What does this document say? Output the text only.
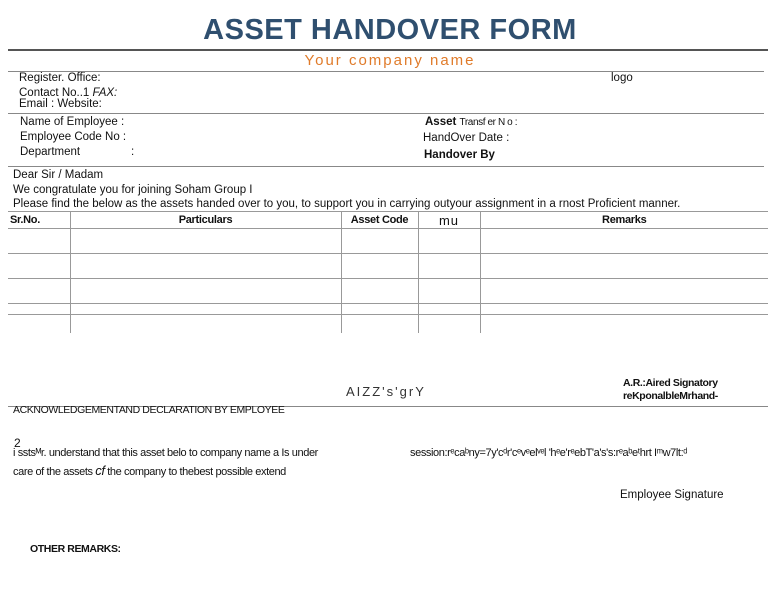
ASSET HANDOVER FORM
Your company name
Register. Office:	logo
Contact No..1 FAX:
Email : Website:
Name of Employee :
Employee Code No :
Department	:
Asset Transf er N o :
HandOver Date :
Handover By
Dear Sir / Madam
We congratulate you for joining Soham Group I
Please find the below as the assets handed over to you, to support you in carrying outyour assignment in a rnost Proficient manner.
Sr.No.	Particulars	Asset Code	mu	Remarks

AIZZ's'grY
A.R.:Aired Signatory
reKponalbleMrhand-
ACKNOWLEDGEMENTAND DECLARATION BY EMPLOYEE
2
i sstsᴹr. understand that this asset belo to company name a Is under	session:rᵉcaᵇny=7y'cᵈr'cᵉvᵉelᵛᵉl 'hᵉe'rᵉebT'a's's:rᵉaᵇeᵗhrt Iᵐw7lt:ᵈ
care of the assets cf the company to thebest possible extend
Employee Signature
OTHER REMARKS:
